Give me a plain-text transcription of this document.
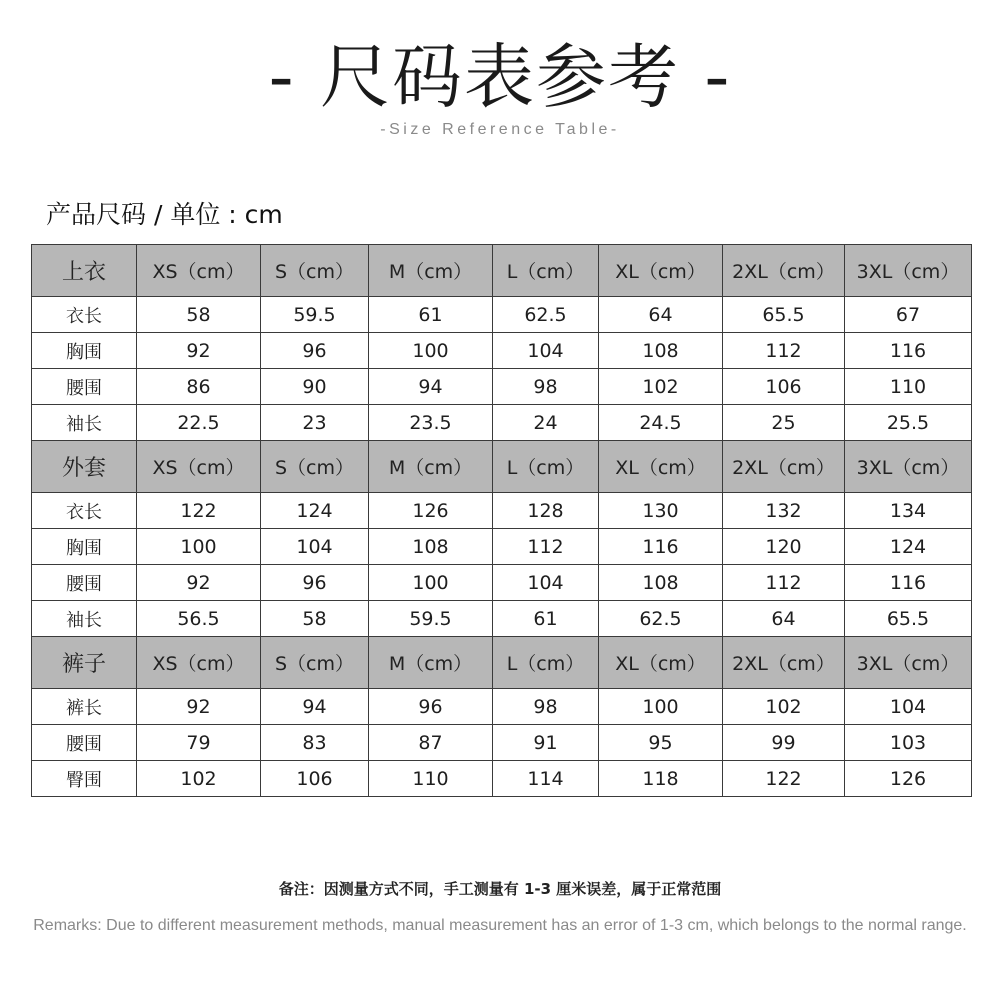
- 尺码表参考 -
-Size Reference Table-
产品尺码 / 单位 : cm
上衣	XS（cm）	S（cm）	M（cm）	L（cm）	XL（cm）	2XL（cm）	3XL（cm）
衣长	58	59.5	61	62.5	64	65.5	67
胸围	92	96	100	104	108	112	116
腰围	86	90	94	98	102	106	110
袖长	22.5	23	23.5	24	24.5	25	25.5
外套	XS（cm）	S（cm）	M（cm）	L（cm）	XL（cm）	2XL（cm）	3XL（cm）
衣长	122	124	126	128	130	132	134
胸围	100	104	108	112	116	120	124
腰围	92	96	100	104	108	112	116
袖长	56.5	58	59.5	61	62.5	64	65.5
裤子	XS（cm）	S（cm）	M（cm）	L（cm）	XL（cm）	2XL（cm）	3XL（cm）
裤长	92	94	96	98	100	102	104
腰围	79	83	87	91	95	99	103
臀围	102	106	110	114	118	122	126
备注：因测量方式不同，手工测量有 1-3 厘米误差，属于正常范围
Remarks: Due to different measurement methods, manual measurement has an error of 1-3 cm, which belongs to the normal range.
